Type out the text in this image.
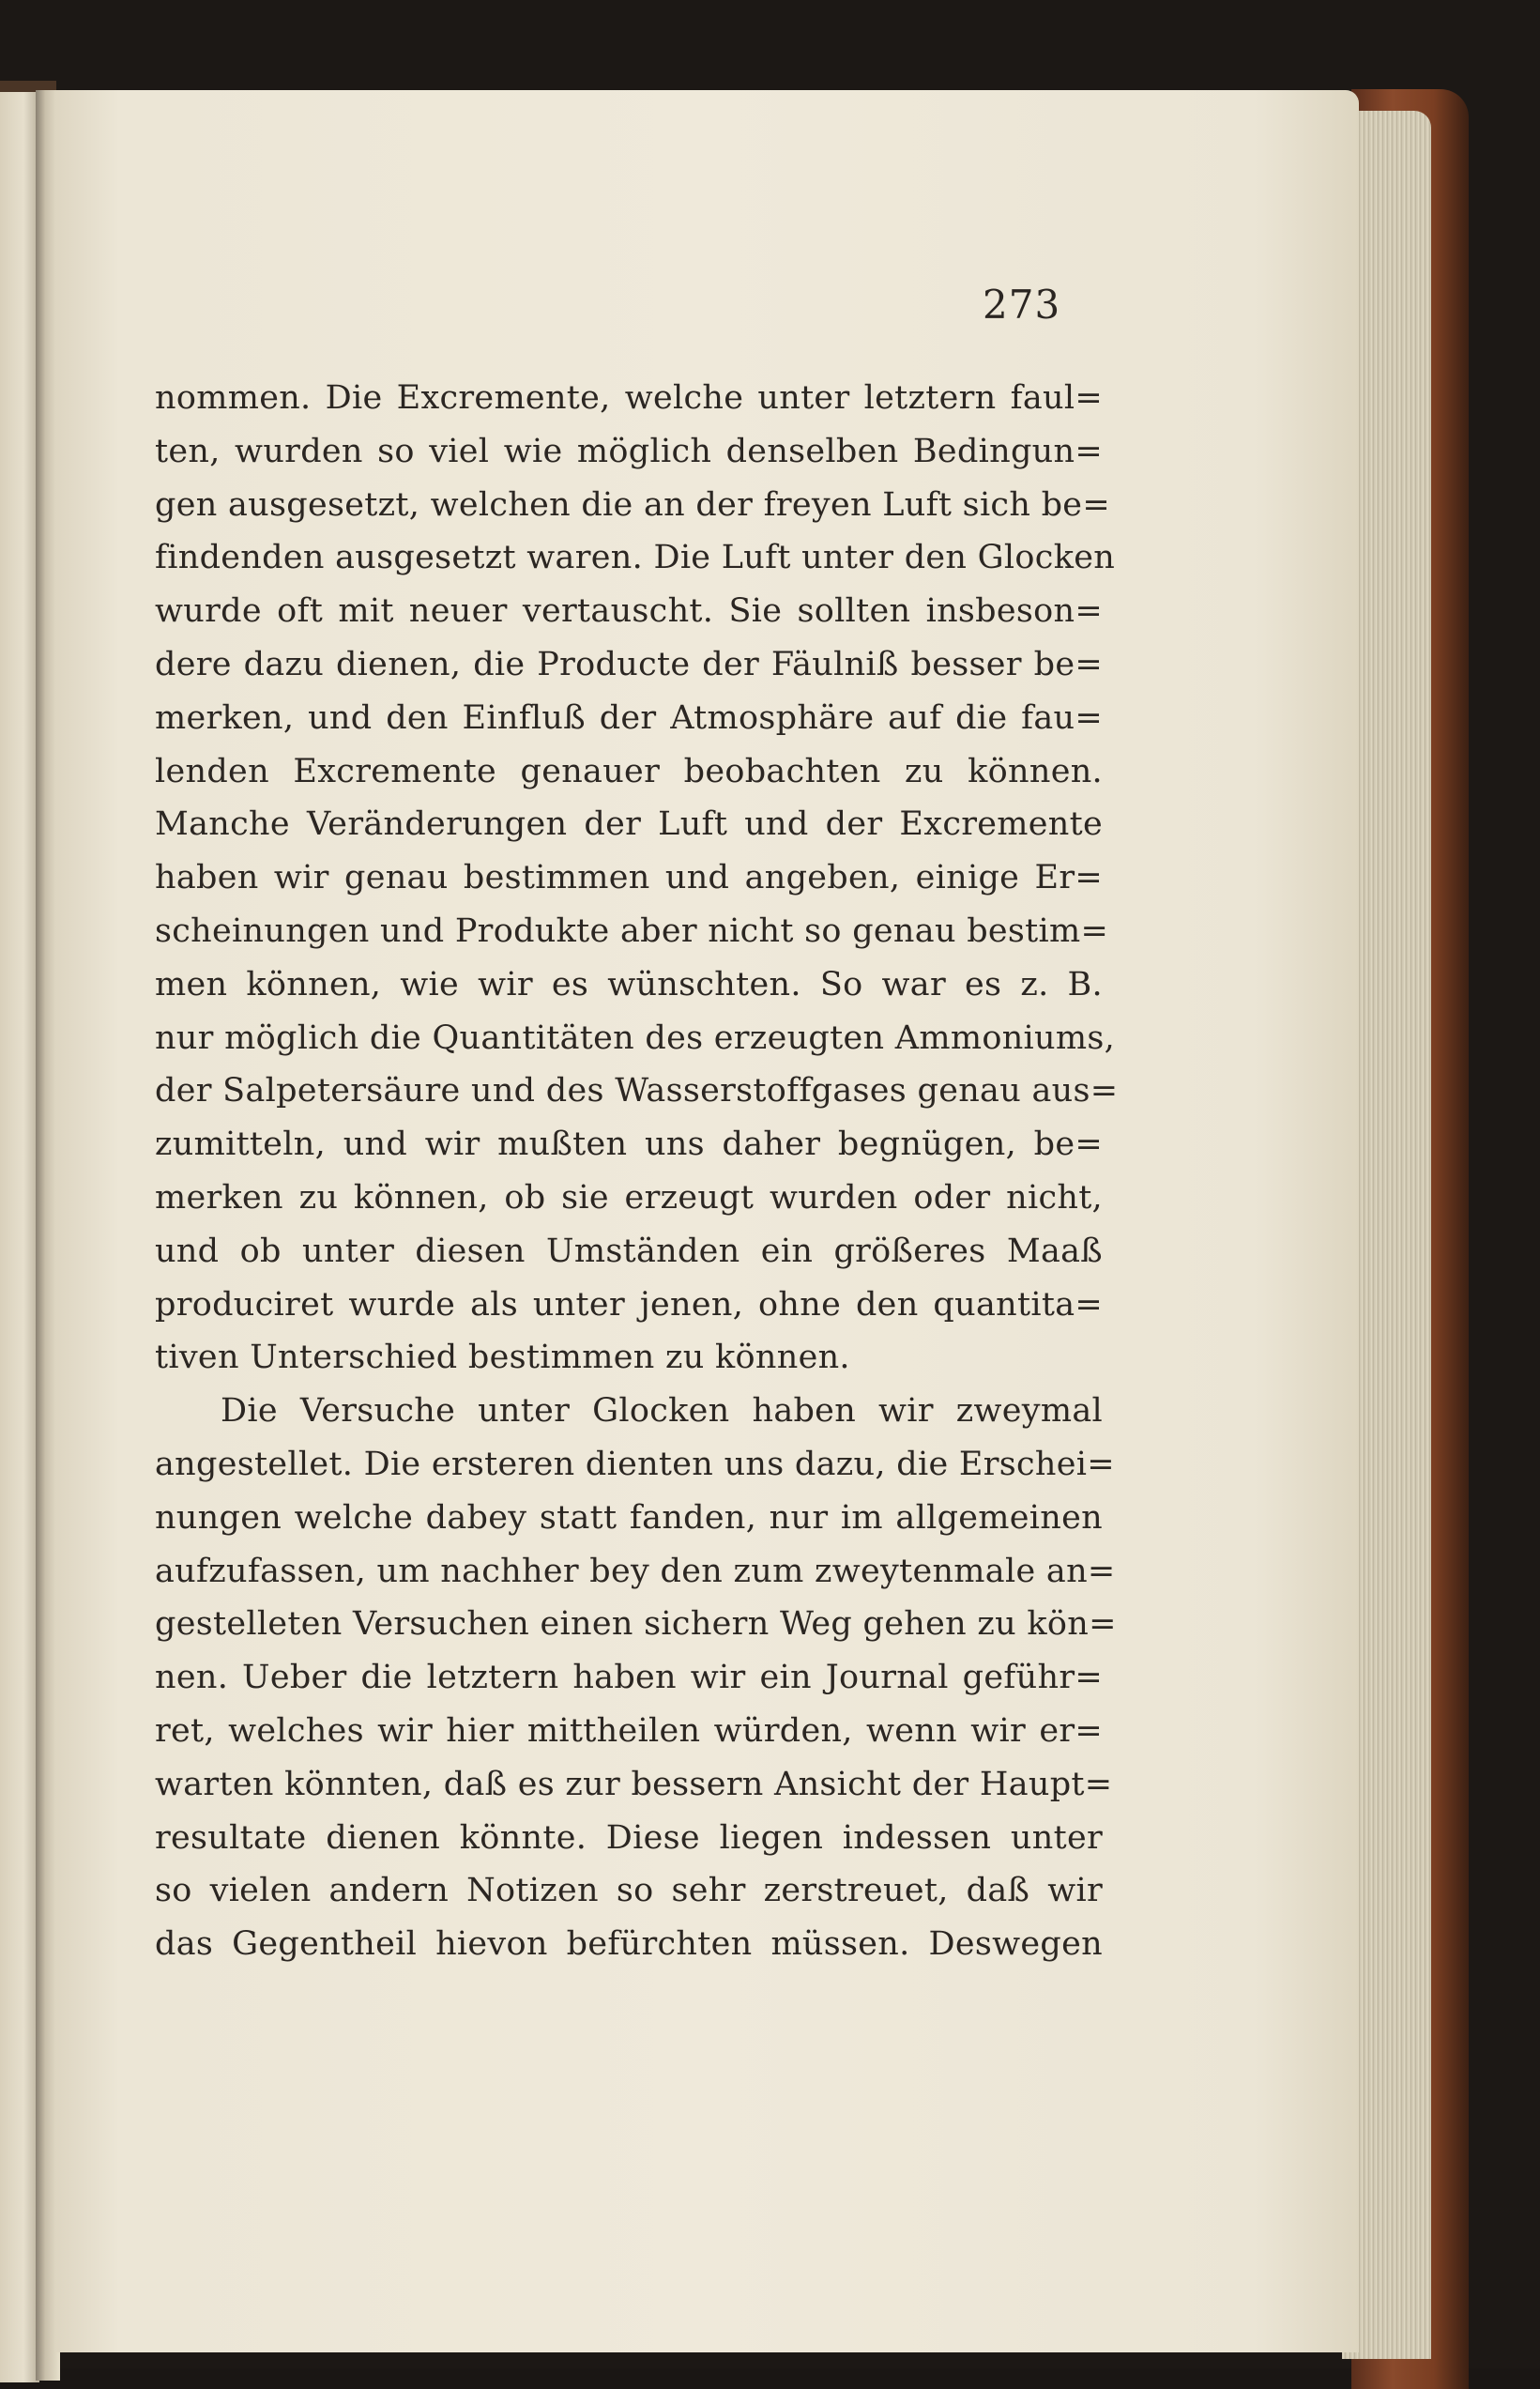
273
nommen. Die Excremente, welche unter letztern faul=
ten, wurden so viel wie möglich denselben Bedingun=
gen ausgesetzt, welchen die an der freyen Luft sich be=
findenden ausgesetzt waren. Die Luft unter den Glocken
wurde oft mit neuer vertauscht. Sie sollten insbeson=
dere dazu dienen, die Producte der Fäulniß besser be=
merken, und den Einfluß der Atmosphäre auf die fau=
lenden Excremente genauer beobachten zu können.
Manche Veränderungen der Luft und der Excremente
haben wir genau bestimmen und angeben, einige Er=
scheinungen und Produkte aber nicht so genau bestim=
men können, wie wir es wünschten. So war es z. B.
nur möglich die Quantitäten des erzeugten Ammoniums,
der Salpetersäure und des Wasserstoffgases genau aus=
zumitteln, und wir mußten uns daher begnügen, be=
merken zu können, ob sie erzeugt wurden oder nicht,
und ob unter diesen Umständen ein größeres Maaß
produciret wurde als unter jenen, ohne den quantita=
tiven Unterschied bestimmen zu können.
Die Versuche unter Glocken haben wir zweymal
angestellet. Die ersteren dienten uns dazu, die Erschei=
nungen welche dabey statt fanden, nur im allgemeinen
aufzufassen, um nachher bey den zum zweytenmale an=
gestelleten Versuchen einen sichern Weg gehen zu kön=
nen. Ueber die letztern haben wir ein Journal geführ=
ret, welches wir hier mittheilen würden, wenn wir er=
warten könnten, daß es zur bessern Ansicht der Haupt=
resultate dienen könnte. Diese liegen indessen unter
so vielen andern Notizen so sehr zerstreuet, daß wir
das Gegentheil hievon befürchten müssen. Deswegen
